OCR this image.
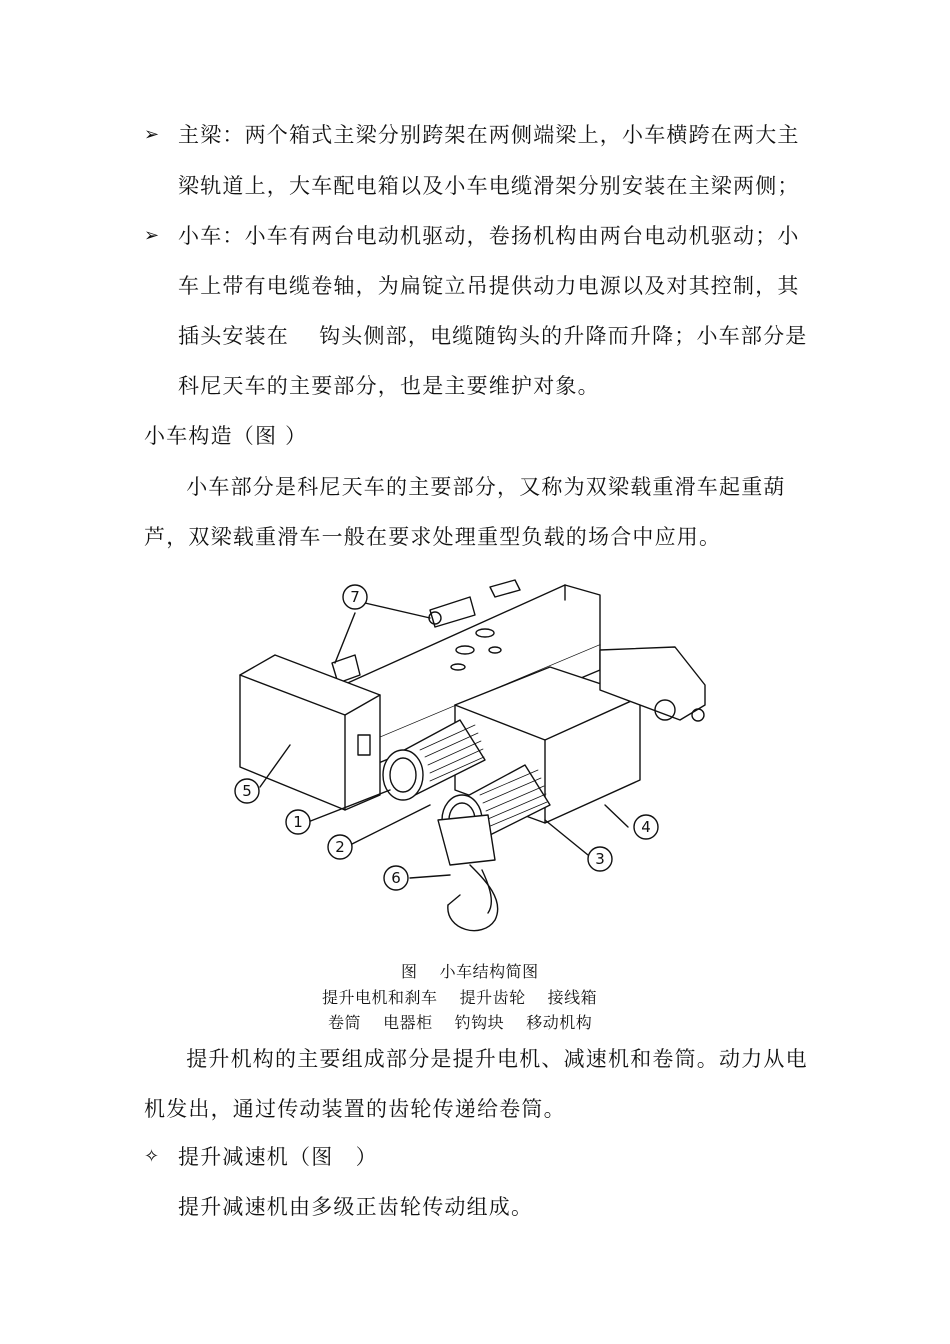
➢ 主梁：两个箱式主梁分别跨架在两侧端梁上，小车横跨在两大主
梁轨道上，大车配电箱以及小车电缆滑架分别安装在主梁两侧；
➢ 小车：小车有两台电动机驱动，卷扬机构由两台电动机驱动；小
车上带有电缆卷轴，为扁锭立吊提供动力电源以及对其控制，其
插头安装在　 钩头侧部，电缆随钩头的升降而升降；小车部分是
科尼天车的主要部分，也是主要维护对象。
小车构造（图 ）
　小车部分是科尼天车的主要部分，又称为双梁载重滑车起重葫
芦，双梁载重滑车一般在要求处理重型负载的场合中应用。
1
2
3
4
5
6
7
图　 小车结构简图
提升电机和刹车　 提升齿轮　 接线箱
卷筒　 电器柜　 钓钩块　 移动机构
　提升机构的主要组成部分是提升电机、减速机和卷筒。动力从电
机发出，通过传动装置的齿轮传递给卷筒。
✧ 提升减速机（图　）
提升减速机由多级正齿轮传动组成。
